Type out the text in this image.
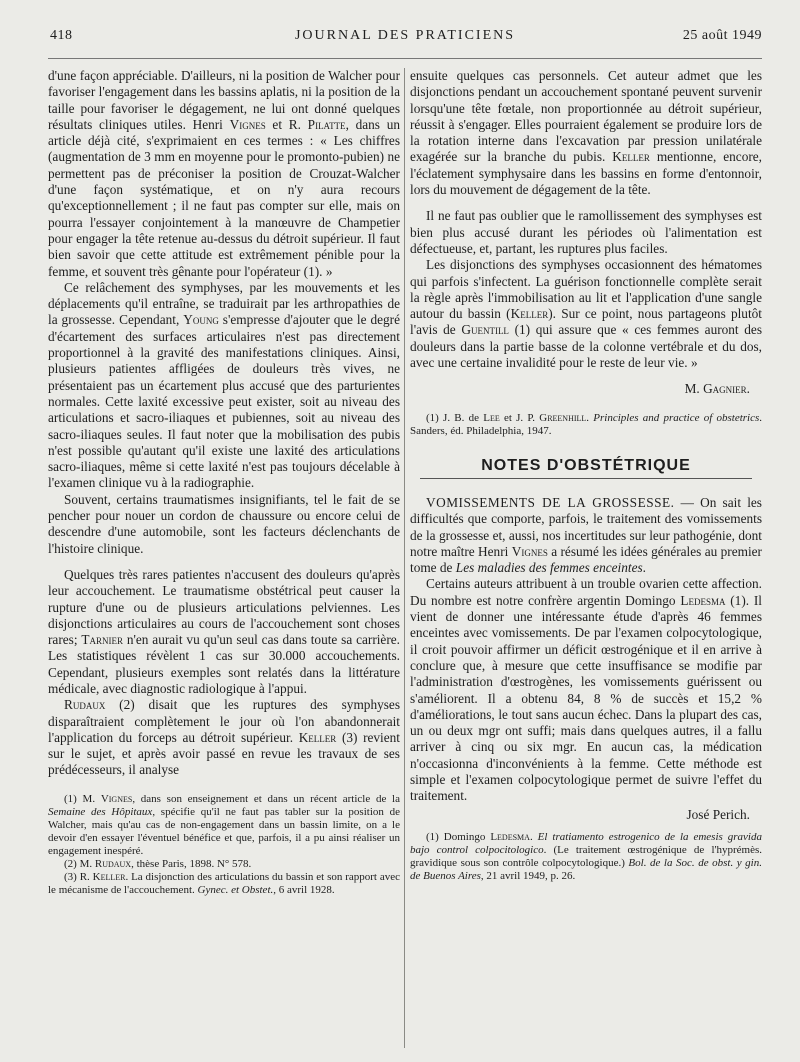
418	JOURNAL DES PRATICIENS	25 août 1949

d'une façon appréciable. D'ailleurs, ni la position de Walcher pour favoriser l'engagement dans les bassins aplatis, ni la position de la taille pour favoriser le dégagement, ne lui ont donné quelques résultats cliniques utiles. Henri Vignes et R. Pilatte, dans un article déjà cité, s'exprimaient en ces termes : « Les chiffres (augmentation de 3 mm en moyenne pour le promonto-pubien) ne permettent pas de préconiser la position de Crouzat-Walcher d'une façon systématique, et on n'y aura recours qu'exceptionnellement ; il ne faut pas compter sur elle, mais on pourra l'essayer conjointement à la manœuvre de Champetier pour engager la tête retenue au-dessus du détroit supérieur. Il faut bien savoir que cette attitude est extrêmement pénible pour la femme, et souvent très gênante pour l'opérateur (1). »

Ce relâchement des symphyses, par les mouvements et les déplacements qu'il entraîne, se traduirait par les arthropathies de la grossesse. Cependant, Young s'empresse d'ajouter que le degré d'écartement des surfaces articulaires n'est pas directement proportionnel à la gravité des manifestations cliniques. Ainsi, plusieurs patientes affligées de douleurs très vives, ne présentaient pas un écartement plus accusé que des parturientes normales. Cette laxité excessive peut exister, soit au niveau des articulations et sacro-iliaques et pubiennes, soit au niveau des sacro-iliaques seules. Il faut noter que la mobilisation des pubis n'est possible qu'autant qu'il existe une laxité des articulations sacro-iliaques, même si cette laxité n'est pas toujours décelable à l'examen clinique vu à la radiographie.

Souvent, certains traumatismes insignifiants, tel le fait de se pencher pour nouer un cordon de chaussure ou encore celui de descendre d'une automobile, sont les facteurs déclenchants de l'histoire clinique.

Quelques très rares patientes n'accusent des douleurs qu'après leur accouchement. Le traumatisme obstétrical peut causer la rupture d'une ou de plusieurs articulations pelviennes. Les disjonctions articulaires au cours de l'accouchement sont choses rares; Tarnier n'en aurait vu qu'un seul cas dans toute sa carrière. Les statistiques révèlent 1 cas sur 30.000 accouchements. Cependant, plusieurs exemples sont relatés dans la littérature médicale, avec diagnostic radiologique à l'appui.

Rudaux (2) disait que les ruptures des symphyses disparaîtraient complètement le jour où l'on abandonnerait l'application du forceps au détroit supérieur. Keller (3) revient sur le sujet, et après avoir passé en revue les travaux de ses prédécesseurs, il analyse

(1) M. Vignes, dans son enseignement et dans un récent article de la Semaine des Hôpitaux, spécifie qu'il ne faut pas tabler sur la position de Walcher, mais qu'au cas de non-engagement dans un bassin limite, on a le devoir d'en essayer l'éventuel bénéfice et que, parfois, il a pu ainsi réaliser un engagement inespéré.

(2) M. Rudaux, thèse Paris, 1898. N° 578.

(3) R. Keller. La disjonction des articulations du bassin et son rapport avec le mécanisme de l'accouchement. Gynec. et Obstet., 6 avril 1928.

ensuite quelques cas personnels. Cet auteur admet que les disjonctions pendant un accouchement spontané peuvent survenir lorsqu'une tête fœtale, non proportionnée au détroit supérieur, réussit à s'engager. Elles pourraient également se produire lors de la rotation interne dans l'excavation par pression unilatérale exagérée sur la branche du pubis. Keller mentionne, encore, l'éclatement symphysaire dans les bassins en forme d'entonnoir, lors du mouvement de dégagement de la tête.

Il ne faut pas oublier que le ramollissement des symphyses est bien plus accusé durant les périodes où l'alimentation est défectueuse, et, partant, les ruptures plus faciles.

Les disjonctions des symphyses occasionnent des hématomes qui parfois s'infectent. La guérison fonctionnelle complète serait la règle après l'immobilisation au lit et l'application d'une sangle autour du bassin (Keller). Sur ce point, nous partageons plutôt l'avis de Guentill (1) qui assure que « ces femmes auront des douleurs dans la partie basse de la colonne vertébrale et du dos, avec une certaine invalidité pour le reste de leur vie. »

M. Gagnier.

(1) J. B. de Lee et J. P. Greenhill. Principles and practice of obstetrics. Sanders, éd. Philadelphia, 1947.

NOTES D'OBSTÉTRIQUE

VOMISSEMENTS DE LA GROSSESSE. — On sait les difficultés que comporte, parfois, le traitement des vomissements de la grossesse et, aussi, nos incertitudes sur leur pathogénie, dont notre maître Henri Vignes a résumé les idées générales au premier tome de Les maladies des femmes enceintes.

Certains auteurs attribuent à un trouble ovarien cette affection. Du nombre est notre confrère argentin Domingo Ledesma (1). Il vient de donner une intéressante étude d'après 46 femmes enceintes avec vomissements. De par l'examen colpocytologique, il croit pouvoir affirmer un déficit œstrogénique et il en arrive à conclure que, à mesure que cette insuffisance se modifie par l'administration d'œstrogènes, les vomissements guérissent ou s'améliorent. Il a obtenu 84, 8 % de succès et 15,2 % d'améliorations, le tout sans aucun échec. Dans la plupart des cas, un ou deux mgr ont suffi; mais dans quelques autres, il a fallu arriver à cinq ou six mgr. En aucun cas, la médication n'occasionna d'inconvénients à la femme. Cette méthode est simple et l'examen colpocytologique permet de suivre l'effet du traitement.

José Perich.

(1) Domingo Ledesma. El tratiamento estrogenico de la emesis gravida bajo control colpocitologico. (Le traitement œstrogénique de l'hyprémès. gravidique sous son contrôle colpocytologique.) Bol. de la Soc. de obst. y gin. de Buenos Aires, 21 avril 1949, p. 26.
